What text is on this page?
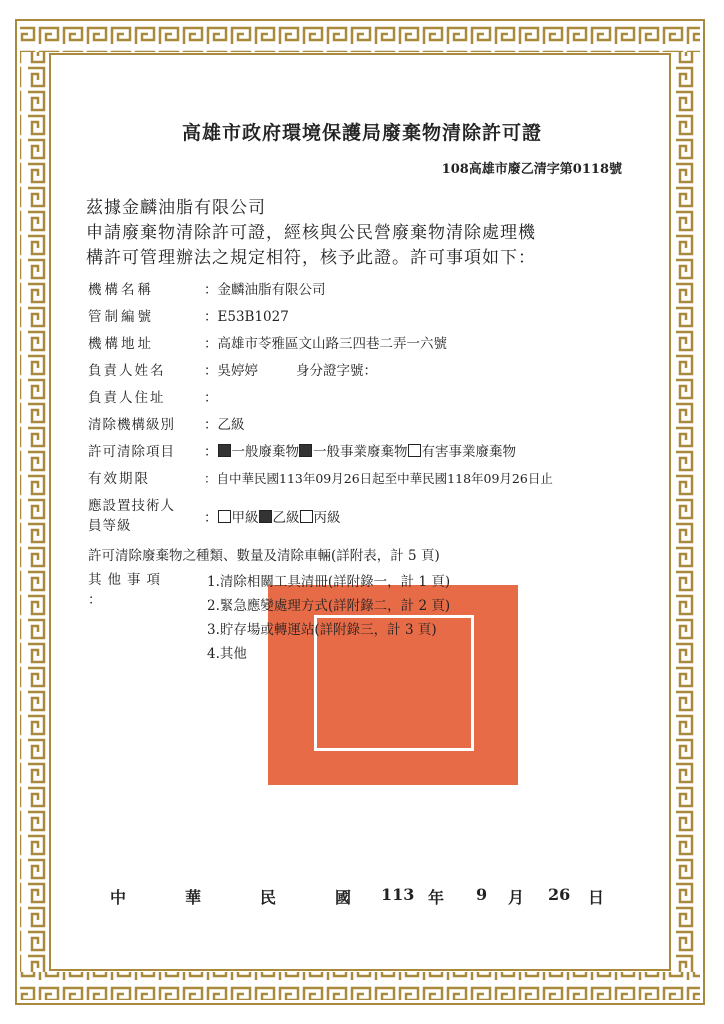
高雄市政府環境保護局廢棄物清除許可證
108高雄市廢乙清字第0118號
茲據金麟油脂有限公司
申請廢棄物清除許可證，經核與公民營廢棄物清除處理機
構許可管理辦法之規定相符，核予此證。許可事項如下：
機構名稱	：金麟油脂有限公司
管制編號	：E53B1027
機構地址	：高雄市苓雅區文山路三四巷二弄一六號
負責人姓名	：吳婷婷	身分證字號：
負責人住址	：
清除機構級別 ：乙級
許可清除項目 ： 一般廢棄物 一般事業廢棄物 有害事業廢棄物
有效期限	：自中華民國113年09月26日起至中華民國118年09月26日止
應設置技術人
員等級	： 甲級 乙級 丙級
許可清除廢棄物之種類、數量及清除車輛(詳附表，計 5 頁)
其他事項
：
1.清除相關工具清冊(詳附錄一，計 1 頁)
2.緊急應變處理方式(詳附錄二，計 2 頁)
3.貯存場或轉運站(詳附錄三，計 3 頁)
4.其他
中	華	民	國 113 年 9 月 26 日
